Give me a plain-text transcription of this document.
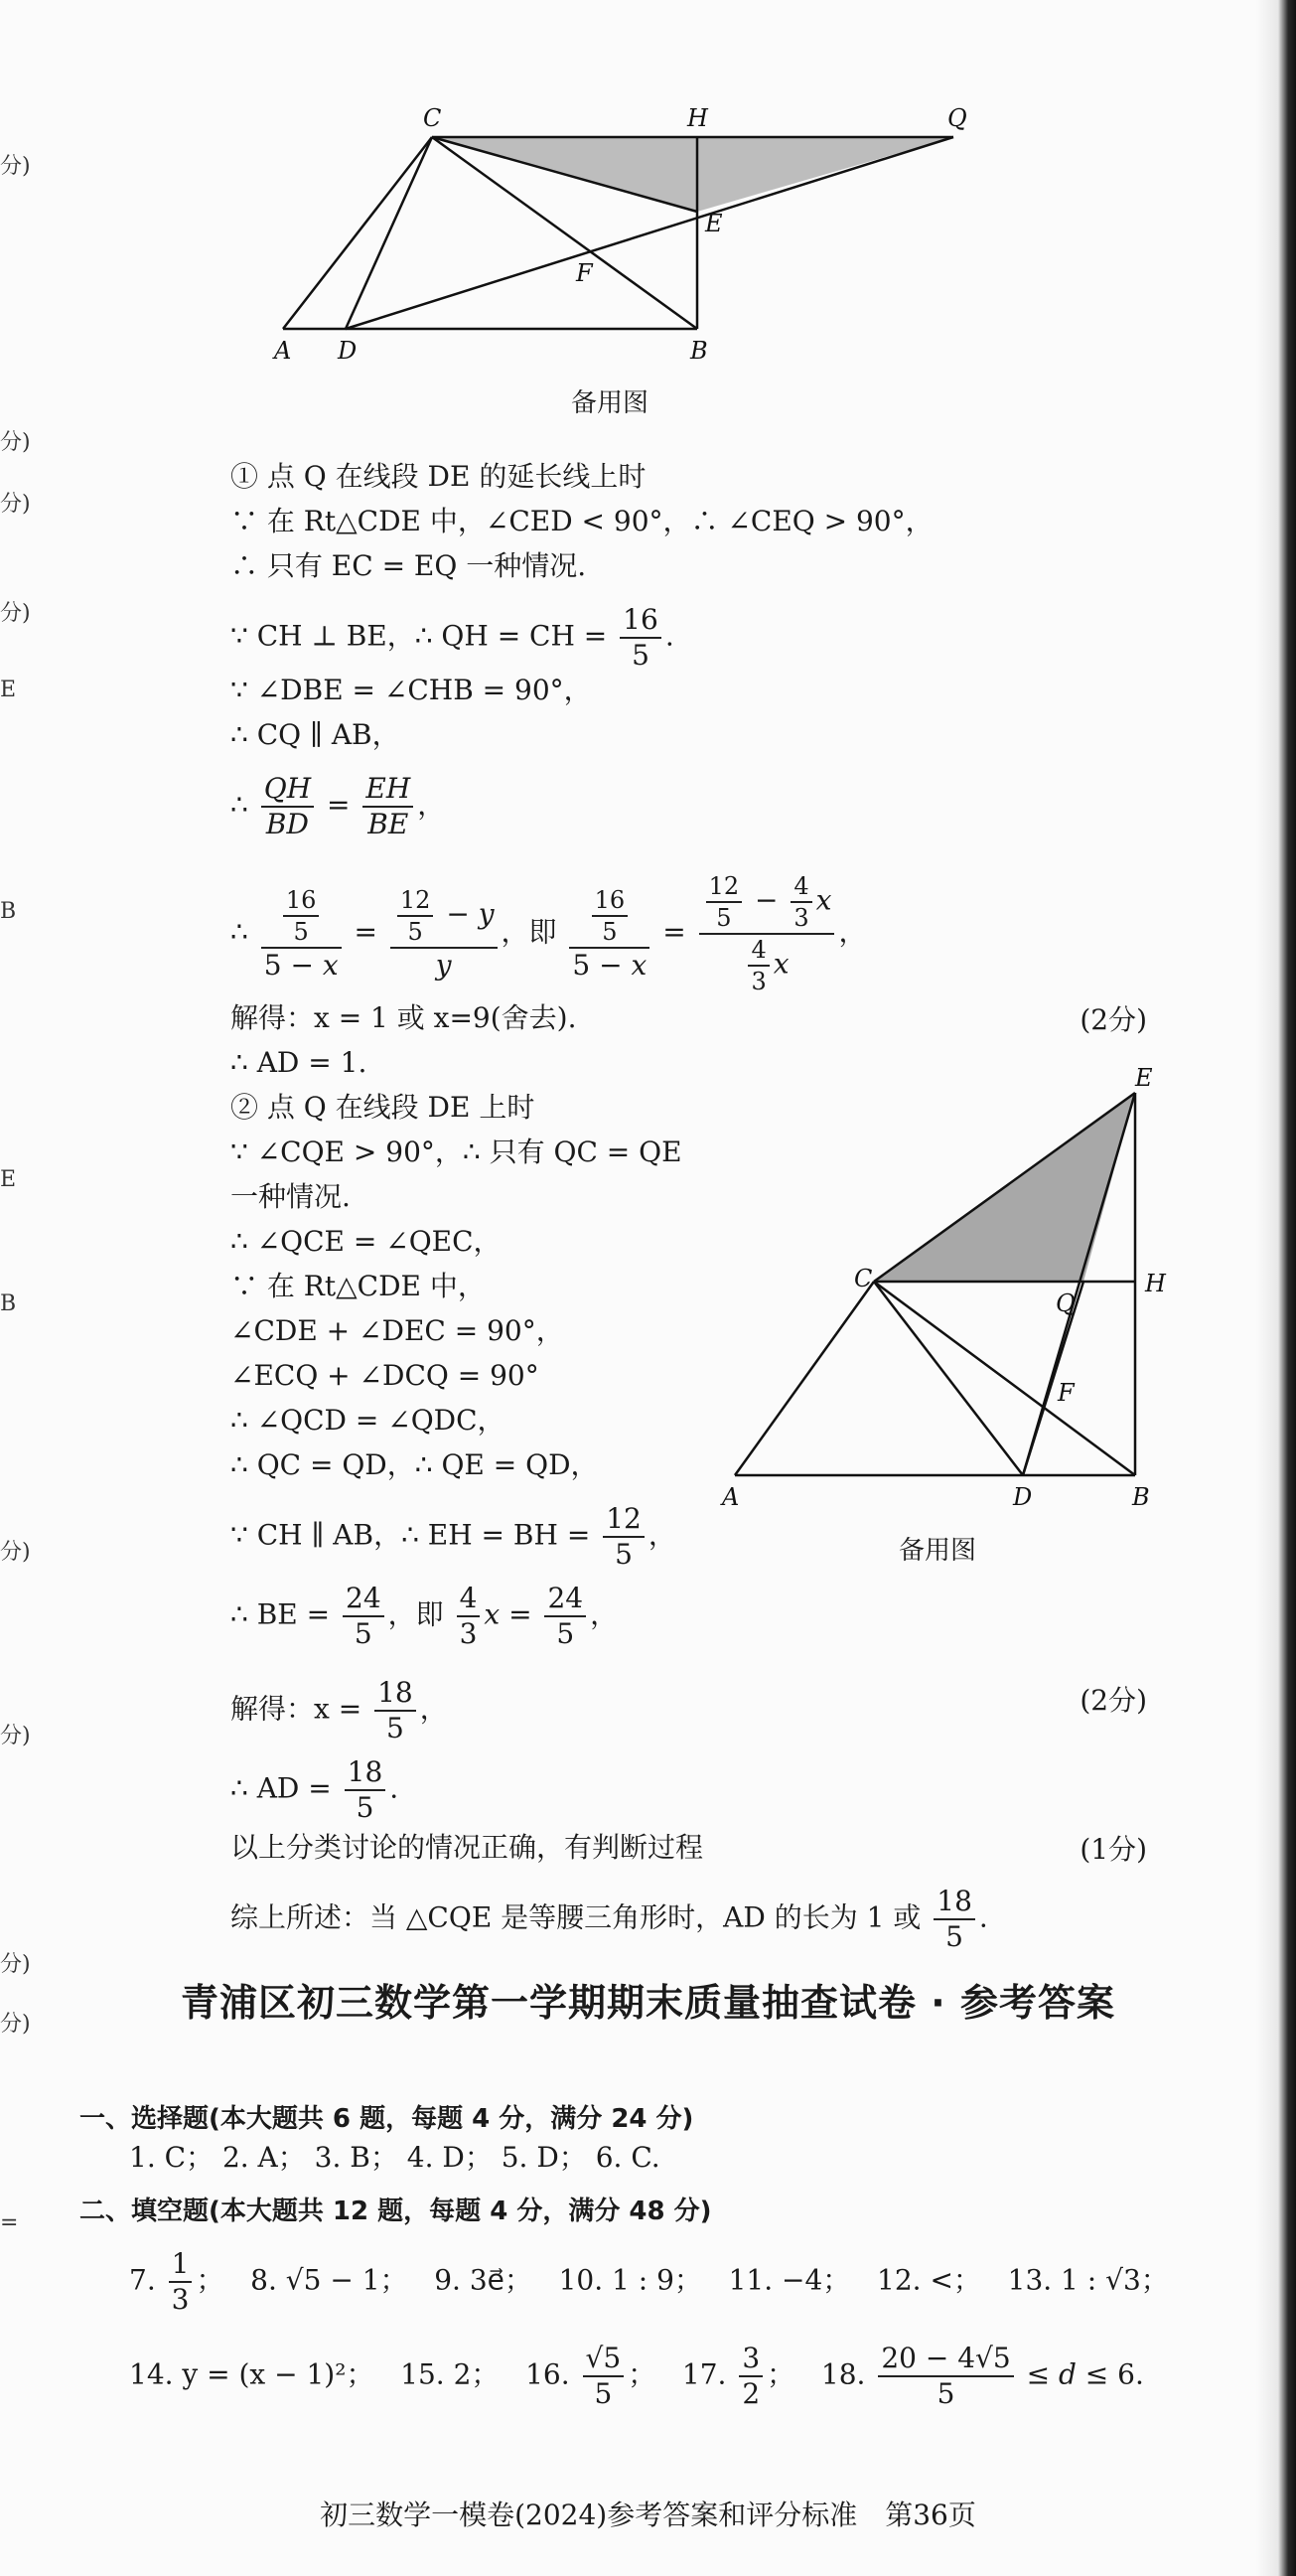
分)
分)
分)
分)
E
B
E
B
分)
分)
分)
分)
=
C	H	Q
E
F
A D	B
备用图
① 点 Q 在线段 DE 的延长线上时
∵ 在 Rt△CDE 中，∠CED < 90°，∴ ∠CEQ > 90°，
∴ 只有 EC = EQ 一种情况.
∵ CH ⊥ BE，∴ QH = CH = $\frac{16}{5}$ .
∵ ∠DBE = ∠CHB = 90°，
∴ CQ ∥ AB，
∴ $\frac{QH}{BD} = \frac{EH}{BE}$ ，
∴ $\frac{\frac{16}{5}}{5 - x} = \frac{\frac{12}{5} - y}{y}$ ，即 $\frac{\frac{16}{5}}{5 - x} = \frac{\frac{12}{5} - \frac{4}{3} x}{\frac{4}{3} x}$ ，
解得：x = 1 或 x=9(舍去).	(2分)
∴ AD = 1.
② 点 Q 在线段 DE 上时
∵ ∠CQE > 90°，∴ 只有 QC = QE
一种情况.
∴ ∠QCE = ∠QEC，
∵ 在 Rt△CDE 中，
∠CDE + ∠DEC = 90°，
∠ECQ + ∠DCQ = 90°
∴ ∠QCD = ∠QDC，
∴ QC = QD，∴ QE = QD，
∵ CH ∥ AB，∴ EH = BH = $\frac{12}{5}$ ，
∴ BE = $\frac{24}{5}$ ，即 $\frac{4}{3}$ $x = \frac{24}{5}$ ，
解得：$x = \frac{18}{5}$ ，	(2分)
∴ AD = $\frac{18}{5}$ .
以上分类讨论的情况正确，有判断过程	(1分)
综上所述：当 △CQE 是等腰三角形时，AD 的长为 1 或 $\frac{18}{5}$ .
E
C	H
Q
F
A	D	B
备用图
青浦区初三数学第一学期期末质量抽查试卷 · 参考答案
一、选择题(本大题共 6 题，每题 4 分，满分 24 分)
1. C； 2. A； 3. B； 4. D； 5. D； 6. C.
二、填空题(本大题共 12 题，每题 4 分，满分 48 分)
7. $\frac{1}{3}$ ；   8. √5 − 1； 9. 3e⃗； 10. 1 : 9； 11. −4； 12. <； 13. 1 : √3；
14. y = (x − 1)²； 15. 2；   16. $\frac{√5}{5}$ ；   17. $\frac{3}{2}$ ；   18. $\frac{20 - 4√5}{5} \le d \le 6$.
初三数学一模卷(2024)参考答案和评分标准　第36页
